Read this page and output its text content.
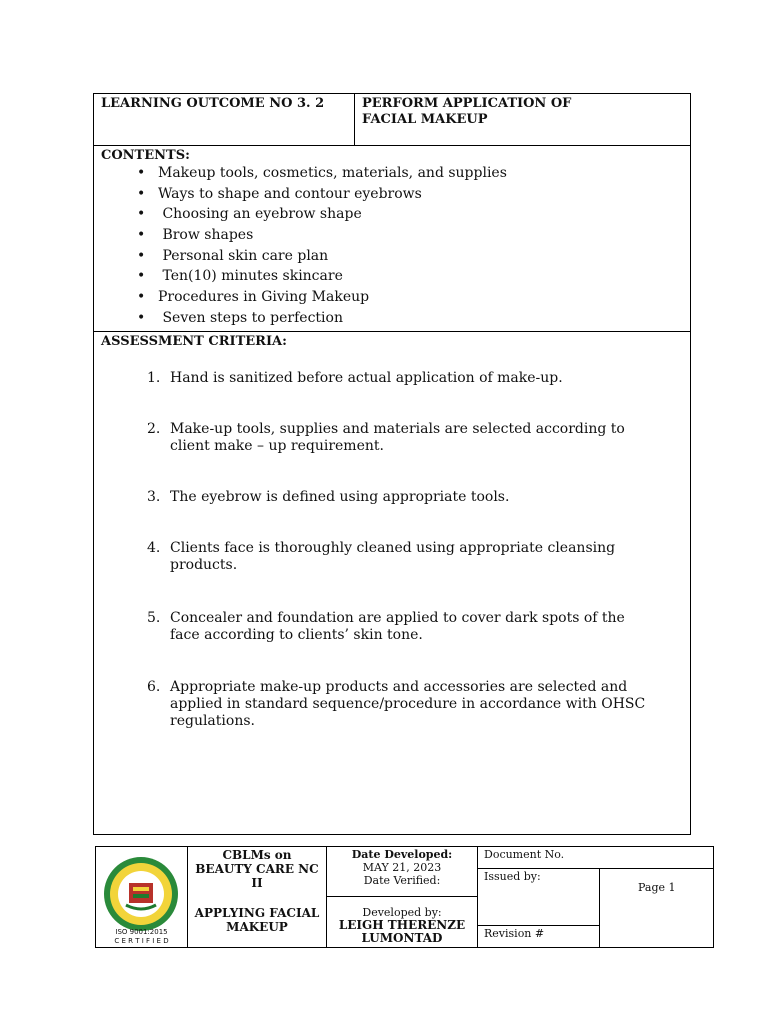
LEARNING OUTCOME NO 3. 2	PERFORM APPLICATION OF
FACIAL MAKEUP
CONTENTS:
• Makeup tools, cosmetics, materials, and supplies
• Ways to shape and contour eyebrows
• Choosing an eyebrow shape
• Brow shapes
• Personal skin care plan
• Ten(10) minutes skincare
• Procedures in Giving Makeup
• Seven steps to perfection
ASSESSMENT CRITERIA:
1. Hand is sanitized before actual application of make-up.
2. Make-up tools, supplies and materials are selected according to
client make – up requirement.
3. The eyebrow is defined using appropriate tools.
4. Clients face is thoroughly cleaned using appropriate cleansing
products.
5. Concealer and foundation are applied to cover dark spots of the
face according to clients’ skin tone.
6. Appropriate make-up products and accessories are selected and
applied in standard sequence/procedure in accordance with OHSC
regulations.
ISO 9001:2015
C E R T I F I E D
CBLMs on
BEAUTY CARE NC
II
APPLYING FACIAL
MAKEUP
Date Developed:
MAY 21, 2023
Date Verified:
Developed by:
LEIGH THERENZE
LUMONTAD
Document No.
Issued by:
Page 1
Revision #
